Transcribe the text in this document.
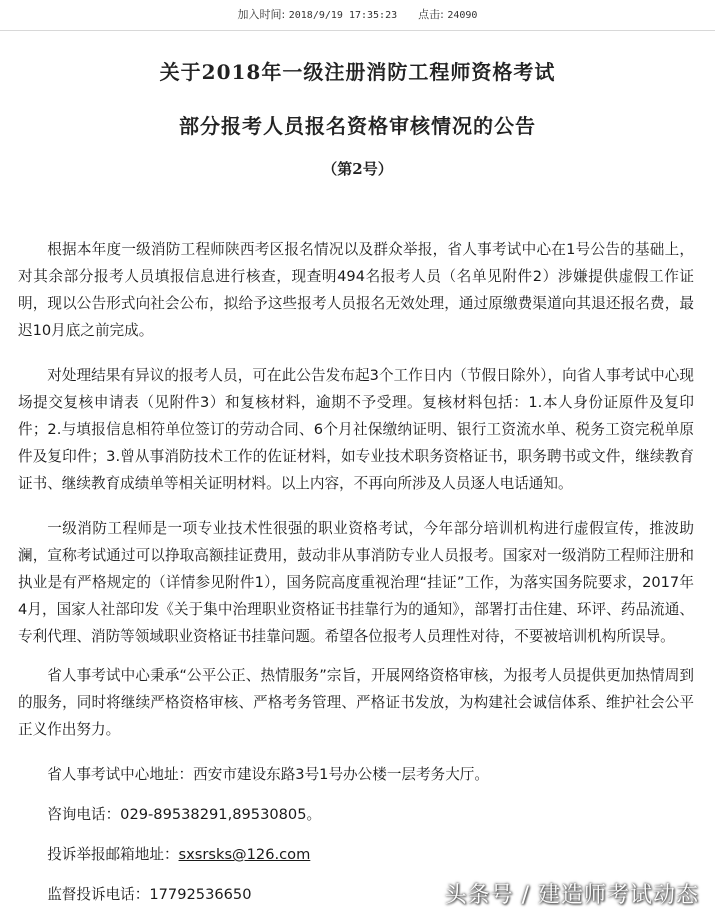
加入时间: 2018/9/19 17:35:23 点击: 24090
关于2018年一级注册消防工程师资格考试
部分报考人员报名资格审核情况的公告
（第2号）

根据本年度一级消防工程师陕西考区报名情况以及群众举报，省人事考试中心在1号公告的基础上，对其余部分报考人员填报信息进行核查，现查明494名报考人员（名单见附件2）涉嫌提供虚假工作证明，现以公告形式向社会公布，拟给予这些报考人员报名无效处理，通过原缴费渠道向其退还报名费，最迟10月底之前完成。

对处理结果有异议的报考人员，可在此公告发布起3个工作日内（节假日除外），向省人事考试中心现场提交复核申请表（见附件3）和复核材料，逾期不予受理。复核材料包括：1.本人身份证原件及复印件；2.与填报信息相符单位签订的劳动合同、6个月社保缴纳证明、银行工资流水单、税务工资完税单原件及复印件；3.曾从事消防技术工作的佐证材料，如专业技术职务资格证书，职务聘书或文件，继续教育证书、继续教育成绩单等相关证明材料。以上内容，不再向所涉及人员逐人电话通知。

一级消防工程师是一项专业技术性很强的职业资格考试，今年部分培训机构进行虚假宣传，推波助澜，宣称考试通过可以挣取高额挂证费用，鼓动非从事消防专业人员报考。国家对一级消防工程师注册和执业是有严格规定的（详情参见附件1），国务院高度重视治理“挂证”工作，为落实国务院要求，2017年4月，国家人社部印发《关于集中治理职业资格证书挂靠行为的通知》，部署打击住建、环评、药品流通、专利代理、消防等领域职业资格证书挂靠问题。希望各位报考人员理性对待，不要被培训机构所误导。

省人事考试中心秉承“公平公正、热情服务”宗旨，开展网络资格审核，为报考人员提供更加热情周到的服务，同时将继续严格资格审核、严格考务管理、严格证书发放，为构建社会诚信体系、维护社会公平正义作出努力。

省人事考试中心地址：西安市建设东路3号1号办公楼一层考务大厅。

咨询电话：029-89538291,89530805。

投诉举报邮箱地址：sxsrsks@126.com

监督投诉电话：17792536650	头条号 / 建造师考试动态
